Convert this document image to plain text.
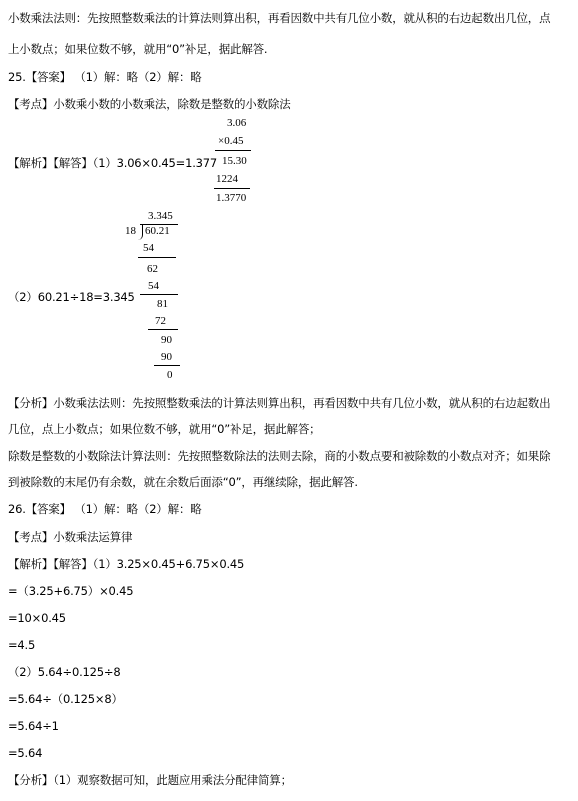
小数乘法法则：先按照整数乘法的计算法则算出积，再看因数中共有几位小数，就从积的右边起数出几位，点
上小数点；如果位数不够，就用“0”补足，据此解答.
25.【答案】 （1）解：略（2）解：略
【考点】小数乘小数的小数乘法，除数是整数的小数除法
【解析】【解答】（1）3.06×0.45=1.377
3.06
×0.45
15.30
1224
1.3770
3.345
18 60.21
54
62
54
81
72
90
90
0
（2）60.21÷18=3.345
【分析】小数乘法法则：先按照整数乘法的计算法则算出积，再看因数中共有几位小数，就从积的右边起数出
几位，点上小数点；如果位数不够，就用“0”补足，据此解答；
除数是整数的小数除法计算法则：先按照整数除法的法则去除，商的小数点要和被除数的小数点对齐；如果除
到被除数的末尾仍有余数，就在余数后面添“0”，再继续除，据此解答.
26.【答案】 （1）解：略（2）解：略
【考点】小数乘法运算律
【解析】【解答】（1）3.25×0.45+6.75×0.45
=（3.25+6.75）×0.45
=10×0.45
=4.5
（2）5.64÷0.125÷8
=5.64÷（0.125×8）
=5.64÷1
=5.64
【分析】（1）观察数据可知，此题应用乘法分配律简算；
